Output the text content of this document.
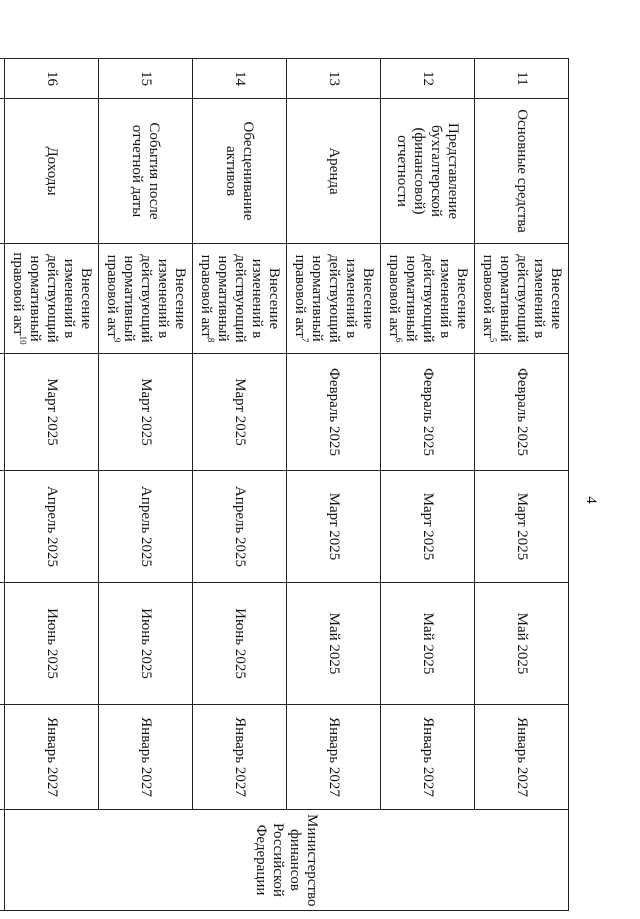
4
11	Основные средства	Внесение изменений в действующий нормативный правовой акт$^5$	Февраль 2025	Март 2025	Май 2025	Январь 2027	Министерство финансов Российской Федерации
12	Представление бухгалтерской (финансовой) отчетности	Внесение изменений в действующий нормативный правовой акт$^6$	Февраль 2025	Март 2025	Май 2025	Январь 2027	
13	Аренда	Внесение изменений в действующий нормативный правовой акт$^7$	Февраль 2025	Март 2025	Май 2025	Январь 2027	
14	Обесценивание активов	Внесение изменений в действующий нормативный правовой акт$^8$	Март 2025	Апрель 2025	Июнь 2025	Январь 2027	
15	События после отчетной даты	Внесение изменений в действующий нормативный правовой акт$^9$	Март 2025	Апрель 2025	Июнь 2025	Январь 2027	
16	Доходы	Внесение изменений в действующий нормативный правовой акт$^{10}$	Март 2025	Апрель 2025	Июнь 2025	Январь 2027	
